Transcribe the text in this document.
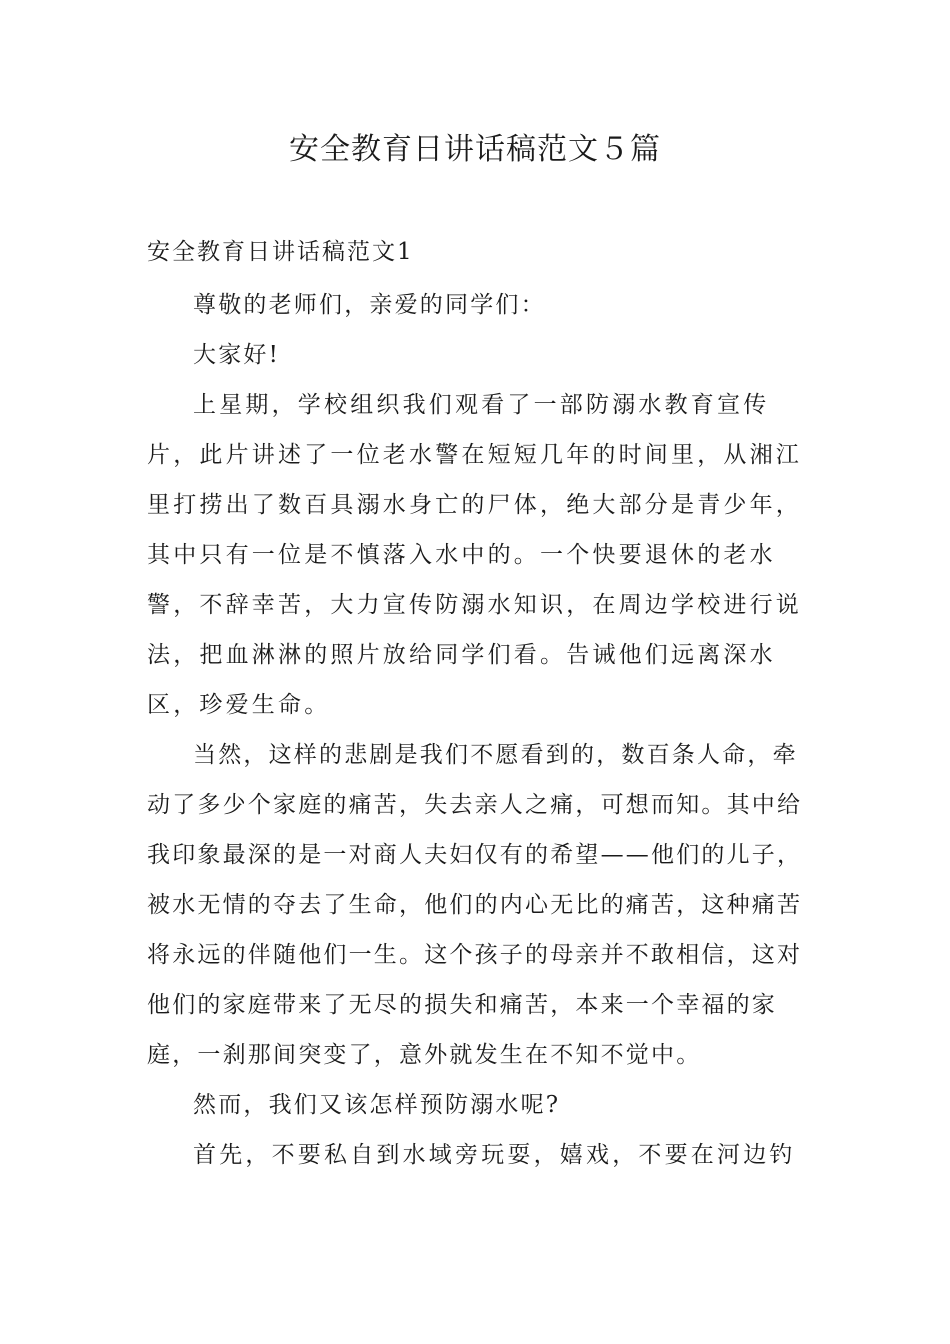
安全教育日讲话稿范文５篇
安全教育日讲话稿范文1

尊敬的老师们，亲爱的同学们：

大家好!

上星期，学校组织我们观看了一部防溺水教育宣传片，此片讲述了一位老水警在短短几年的时间里，从湘江里打捞出了数百具溺水身亡的尸体，绝大部分是青少年，其中只有一位是不慎落入水中的。一个快要退休的老水警，不辞幸苦，大力宣传防溺水知识，在周边学校进行说法，把血淋淋的照片放给同学们看。告诫他们远离深水区，珍爱生命。

当然，这样的悲剧是我们不愿看到的，数百条人命，牵动了多少个家庭的痛苦，失去亲人之痛，可想而知。其中给我印象最深的是一对商人夫妇仅有的希望——他们的儿子，被水无情的夺去了生命，他们的内心无比的痛苦，这种痛苦将永远的伴随他们一生。这个孩子的母亲并不敢相信，这对他们的家庭带来了无尽的损失和痛苦，本来一个幸福的家庭，一刹那间突变了，意外就发生在不知不觉中。

然而，我们又该怎样预防溺水呢?

首先，不要私自到水域旁玩耍，嬉戏，不要在河边钓
